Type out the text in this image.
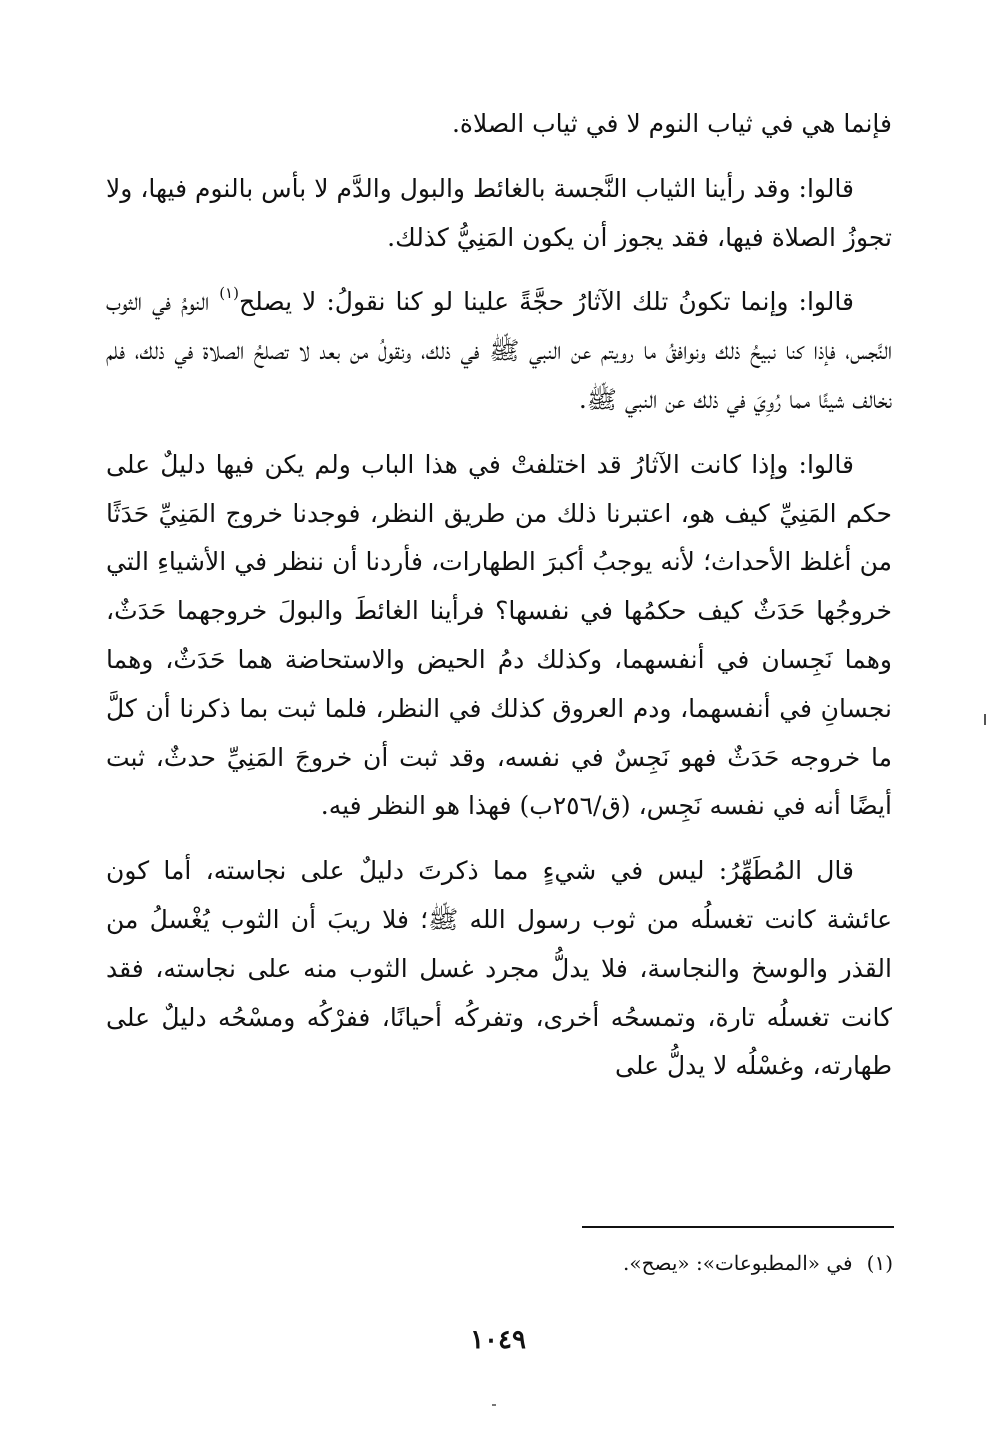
فإنما هي في ثياب النوم لا في ثياب الصلاة.

قالوا: وقد رأينا الثياب النَّجسة بالغائط والبول والدَّم لا بأس بالنوم فيها، ولا تجوزُ الصلاة فيها، فقد يجوز أن يكون المَنِيُّ كذلك.

قالوا: وإنما تكونُ تلك الآثارُ حجَّةً علينا لو كنا نقولُ: لا يصلح$^{(١)}$ النومُ في الثوب النَّجس، فإذا كنا نبيحُ ذلك ونوافقُ ما رويتم عن النبي ﷺ في ذلك، ونقولُ من بعد لا تصلحُ الصلاة في ذلك، فلم نخالف شيئًا مما رُوِيَ في ذلك عن النبي ﷺ.

قالوا: وإذا كانت الآثارُ قد اختلفتْ في هذا الباب ولم يكن فيها دليلٌ على حكم المَنِيِّ كيف هو، اعتبرنا ذلك من طريق النظر، فوجدنا خروج المَنِيِّ حَدَثًا من أغلظ الأحداث؛ لأنه يوجبُ أكبرَ الطهارات، فأردنا أن ننظر في الأشياءِ التي خروجُها حَدَثٌ كيف حكمُها في نفسها؟ فرأينا الغائطَ والبولَ خروجهما حَدَثٌ، وهما نَجِسان في أنفسهما، وكذلك دمُ الحيض والاستحاضة هما حَدَثٌ، وهما نجسانِ في أنفسهما، ودم العروق كذلك في النظر، فلما ثبت بما ذكرنا أن كلَّ ما خروجه حَدَثٌ فهو نَجِسٌ في نفسه، وقد ثبت أن خروجَ المَنِيِّ حدثٌ، ثبت أيضًا أنه في نفسه نَجِس، (ق/٢٥٦ب) فهذا هو النظر فيه.

قال المُطَهِّرُ: ليس في شيءٍ مما ذكرتَ دليلٌ على نجاسته، أما كون عائشة كانت تغسلُه من ثوب رسول الله ﷺ؛ فلا ريبَ أن الثوب يُغْسلُ من القذر والوسخ والنجاسة، فلا يدلُّ مجرد غسل الثوب منه على نجاسته، فقد كانت تغسلُه تارة، وتمسحُه أخرى، وتفركُه أحيانًا، ففرْكُه ومسْحُه دليلٌ على طهارته، وغسْلُه لا يدلُّ على

(١)في «المطبوعات»: «يصح».
١٠٤٩
